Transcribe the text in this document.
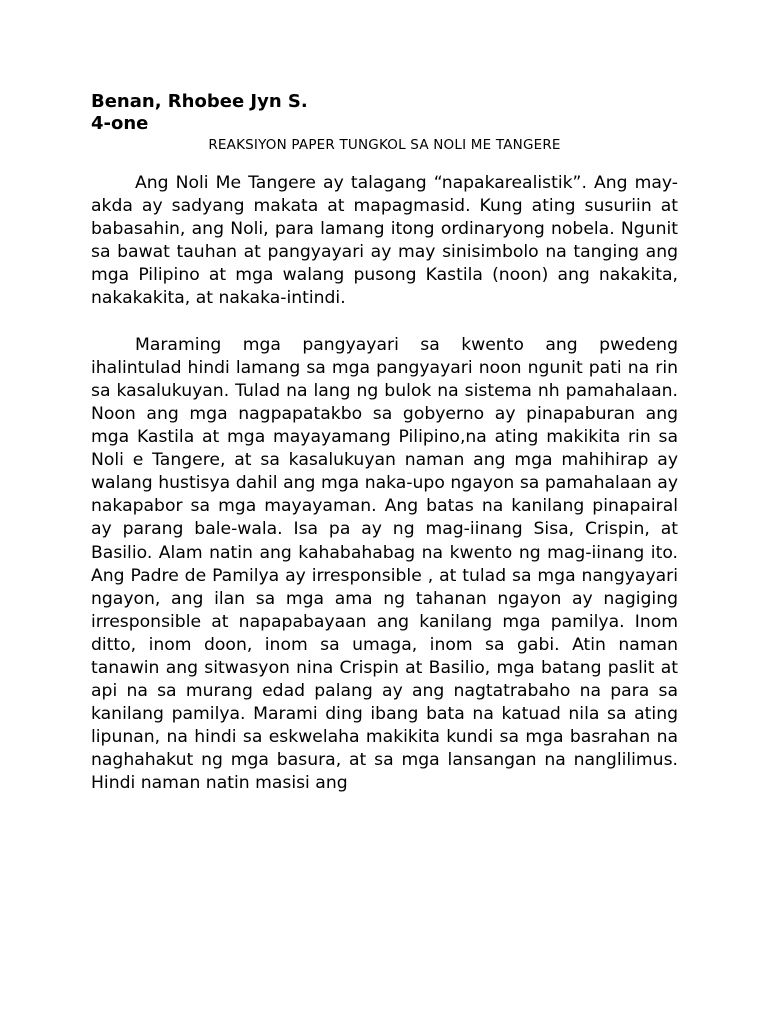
Benan, Rhobee Jyn S.
4-one
REAKSIYON PAPER TUNGKOL SA NOLI ME TANGERE

Ang Noli Me Tangere ay talagang “napakarealistik”. Ang may-akda ay sadyang makata at mapagmasid. Kung ating susuriin at babasahin, ang Noli, para lamang itong ordinaryong nobela. Ngunit sa bawat tauhan at pangyayari ay may sinisimbolo na tanging ang mga Pilipino at mga walang pusong Kastila (noon) ang nakakita, nakakakita, at nakaka-intindi.

Maraming mga pangyayari sa kwento ang pwedeng ihalintulad hindi lamang sa mga pangyayari noon ngunit pati na rin sa kasalukuyan. Tulad na lang ng bulok na sistema nh pamahalaan. Noon ang mga nagpapatakbo sa gobyerno ay pinapaburan ang mga Kastila at mga mayayamang Pilipino,na ating makikita rin sa Noli e Tangere, at sa kasalukuyan naman ang mga mahihirap ay walang hustisya dahil ang mga naka-upo ngayon sa pamahalaan ay nakapabor sa mga mayayaman. Ang batas na kanilang pinapairal ay parang bale-wala. Isa pa ay ng mag-iinang Sisa, Crispin, at Basilio. Alam natin ang kahabahabag na kwento ng mag-iinang ito. Ang Padre de Pamilya ay irresponsible , at tulad sa mga nangyayari ngayon, ang ilan sa mga ama ng tahanan ngayon ay nagiging irresponsible at napapabayaan ang kanilang mga pamilya. Inom ditto, inom doon, inom sa umaga, inom sa gabi. Atin naman tanawin ang sitwasyon nina Crispin at Basilio, mga batang paslit at api na sa murang edad palang ay ang nagtatrabaho na para sa kanilang pamilya. Marami ding ibang bata na katuad nila sa ating lipunan, na hindi sa eskwelaha makikita kundi sa mga basrahan na naghahakut ng mga basura, at sa mga lansangan na nanglilimus. Hindi naman natin masisi ang
